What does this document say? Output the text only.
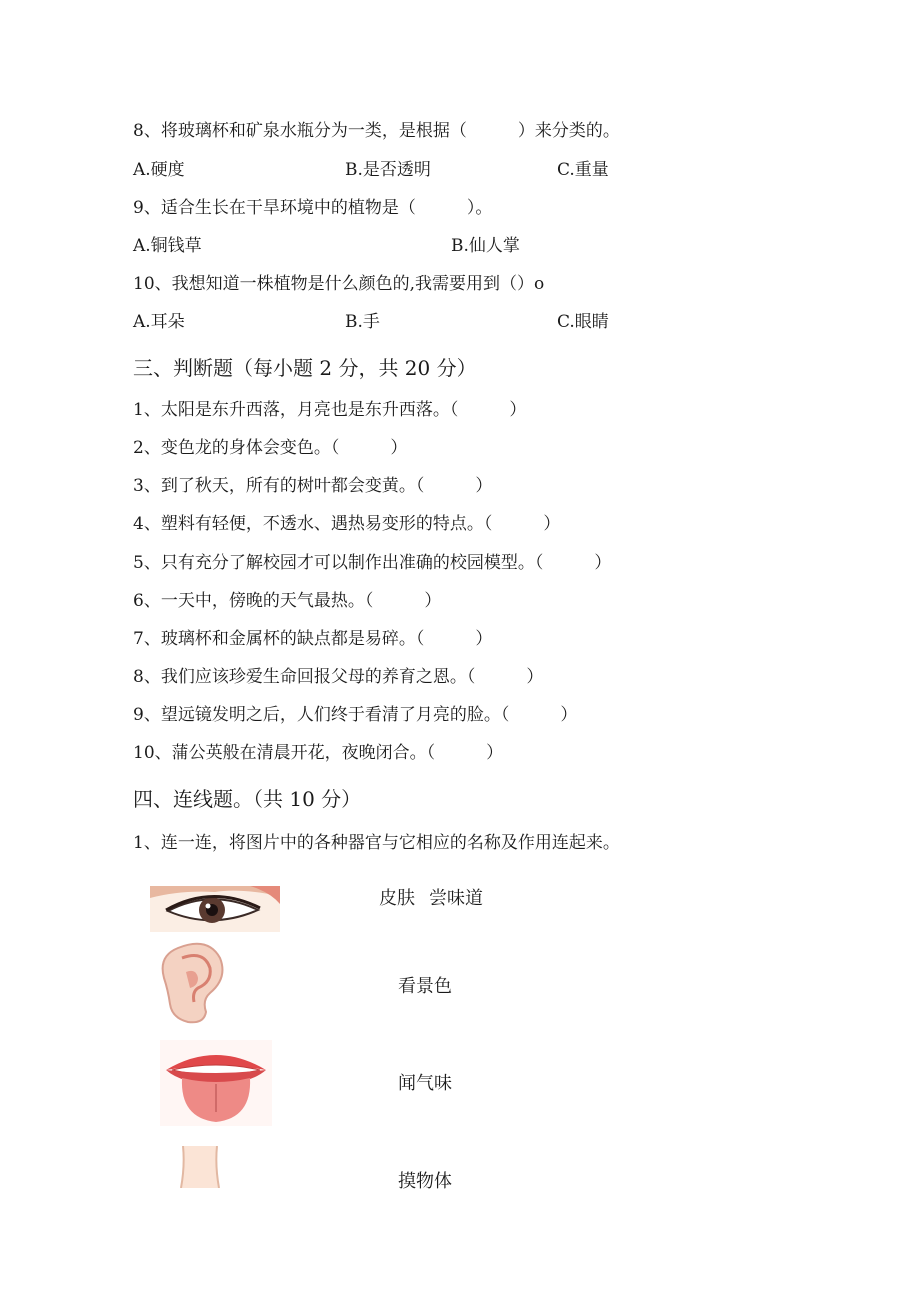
8、将玻璃杯和矿泉水瓶分为一类，是根据（　　　）来分类的。
A.硬度	B.是否透明	C.重量
9、适合生长在干旱环境中的植物是（　　　）。
A.铜钱草	B.仙人掌
10、我想知道一株植物是什么颜色的,我需要用到（）o
A.耳朵	B.手	C.眼睛
三、判断题（每小题 2 分，共 20 分）
1、太阳是东升西落，月亮也是东升西落。（　　　）
2、变色龙的身体会变色。（　　　）
3、到了秋天，所有的树叶都会变黄。（　　　）
4、塑料有轻便，不透水、遇热易变形的特点。（　　　）
5、只有充分了解校园才可以制作出准确的校园模型。（　　　）
6、一天中，傍晚的天气最热。（　　　）
7、玻璃杯和金属杯的缺点都是易碎。（　　　）
8、我们应该珍爱生命回报父母的养育之恩。（　　　）
9、望远镜发明之后，人们终于看清了月亮的脸。（　　　）
10、蒲公英般在清晨开花，夜晚闭合。（　　　）
四、连线题。（共 10 分）
1、连一连，将图片中的各种器官与它相应的名称及作用连起来。
皮肤 尝味道
看景色
闻气味
摸物体
